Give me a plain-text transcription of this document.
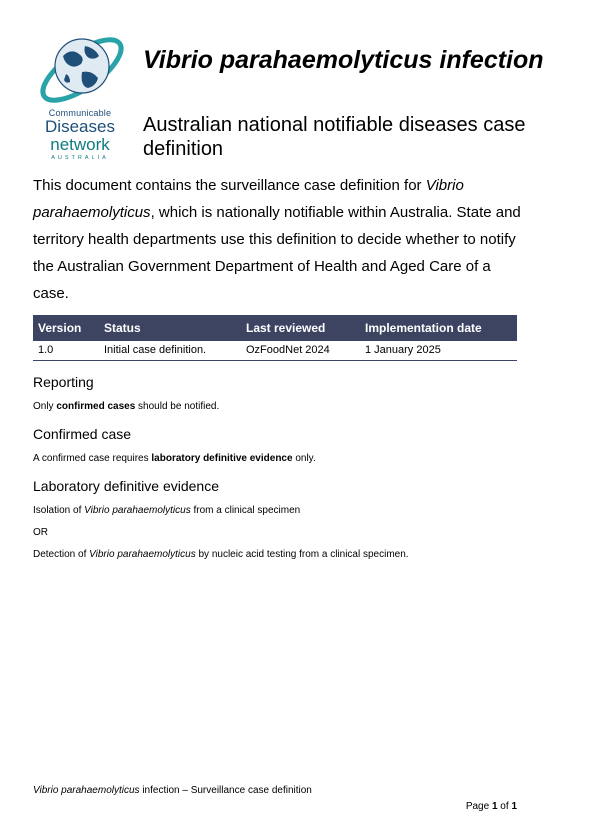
Communicable
Diseases
network
AUSTRALIA
Vibrio parahaemolyticus infection
Australian national notifiable diseases case definition

This document contains the surveillance case definition for Vibrio parahaemolyticus, which is nationally notifiable within Australia. State and territory health departments use this definition to decide whether to notify the Australian Government Department of Health and Aged Care of a case.

Version	Status	Last reviewed	Implementation date
1.0	Initial case definition.	OzFoodNet 2024	1 January 2025
Reporting

Only confirmed cases should be notified.

Confirmed case

A confirmed case requires laboratory definitive evidence only.

Laboratory definitive evidence

Isolation of Vibrio parahaemolyticus from a clinical specimen

OR

Detection of Vibrio parahaemolyticus by nucleic acid testing from a clinical specimen.

Vibrio parahaemolyticus infection – Surveillance case definition
Page 1 of 1
